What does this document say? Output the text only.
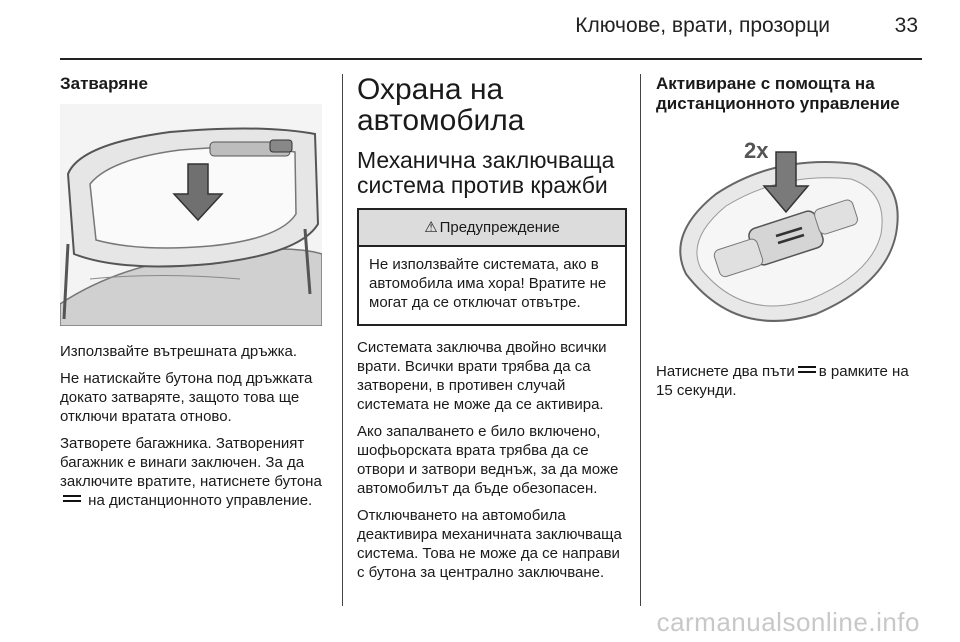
Ключове, врати, прозорци	33
Затваряне

Използвайте вътрешната дръжка.

Не натискайте бутона под дръжката докато затваряте, защото това ще отключи вратата отново.

Затворете багажника. Затвореният багажник е винаги заключен. За да заключите вратите, натиснете бутона  на дистанционното управление.

Охрана на автомобила
Механична заключваща система против кражби
⚠ Предупреждение

Не използвайте системата, ако в автомобила има хора! Вратите не могат да се отключат отвътре.

Системата заключва двойно всички врати. Всички врати трябва да са затворени, в противен случай системата не може да се активира.

Ако запалването е било включено, шофьорската врата трябва да се отвори и затвори веднъж, за да може автомобилът да бъде обезопасен.

Отключването на автомобила деактивира механичната заключваща система. Това не може да се направи с бутона за централно заключване.

Активиране с помощта на дистанционното управление
2x

Натиснете два пъти в рамките на 15 секунди.

carmanualsonline.info
